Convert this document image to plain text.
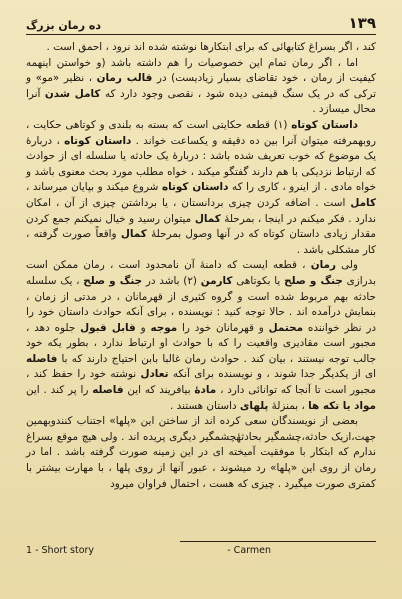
۱۳۹
ده رمان بزرگ

کند ، اگر بسراغ کتابهائی که برای ابتکارها نوشته شده اند نرود ، احمق است .

اما ، اگر رمان تمام این خصوصیات را هم داشته باشد (و خواستن اینهمه کیفیت از رمان ، خود تقاضای بسیار زیادیست) در قالب رمان ، نظیر «مو» و ترکی که در یک سنگ قیمتی دیده شود ، نقصی وجود دارد که کامل شدن آنرا محال میسازد .

داستان کوتاه (۱) قطعه حکایتی است که بسته به بلندی و کوتاهی حکایت ، روبهمرفته میتوان آنرا بین ده دقیقه و یکساعت خواند . داستان کوتاه ، دربارهٔ یک موضوع که خوب تعریف شده باشد : دربارهٔ یک حادثه یا سلسله ای از حوادث که ارتباط نزدیکی با هم دارند گفتگو میکند ، خواه مطلب مورد بحث معنوی باشد و خواه مادی . از اینرو ، کاری را که داستان کوتاه شروع میکند و بپایان میرساند ، کامل است . اضافه کردن چیزی بردانستان ، یا برداشتن چیزی از آن ، امکان ندارد . فکر میکنم در اینجا ، بمرحلهٔ کمال میتوان رسید و خیال نمیکنم جمع کردن مقدار زیادی داستان کوتاه که در آنها وصول بمرحلهٔ کمال واقعاً صورت گرفته ، کار مشکلی باشد .

ولی رمان ، قطعه ایست که دامنهٔ آن نامحدود است ، رمان ممکن است بدرازی جنگ و صلح یا بکوتاهی کارمن (۲) باشد در جنگ و صلح ، یک سلسله حادثه بهم مربوط شده است و گروه کثیری از قهرمانان ، در مدتی از زمان ، بنمایش درآمده اند . حالا توجه کنید : نویسنده ، برای آنکه حوادث داستان خود را در نظر خواننده محتمل و قهرمانان خود را موجه و قابل قبول جلوه دهد ، مجبور است مقادیری واقعیت را که با حوادث او ارتباط ندارد ، بطور یکه خود جالب توجه نیستند ، بیان کند . حوادث رمان غالبا بابن احتیاج دارند که با فاصله ای از یکدیگر جدا شوند ، و نویسنده برای آنکه تعادل نوشته خود را حفظ کند ، مجبور است تا آنجا که توانائی دارد ، مادهٔ بیافریند که این فاصله را پر کند . این مواد یا تکه ها ، بمنزلهٔ پلهای داستان هستند .

بعضی از نویسندگان سعی کرده اند از ساختن این «پلها» اجتناب کنندوبهمین جهت،ازیک حادثه،چشمگیر بحادثهٔچشمگیر دیگری پریده اند . ولی هیچ موقع بسراغ ندارم که ابتکار با موفقیت آمیخته ای در این زمینه صورت گرفته باشد . اما در رمان از روی این «پلها» رد میشوند ، عبور آنها از روی پلها ، با مهارت بیشتر با کمتری صورت میگیرد . چیزی که هست ، احتمال فراوان میرود

1 - Short story	- Carmen
